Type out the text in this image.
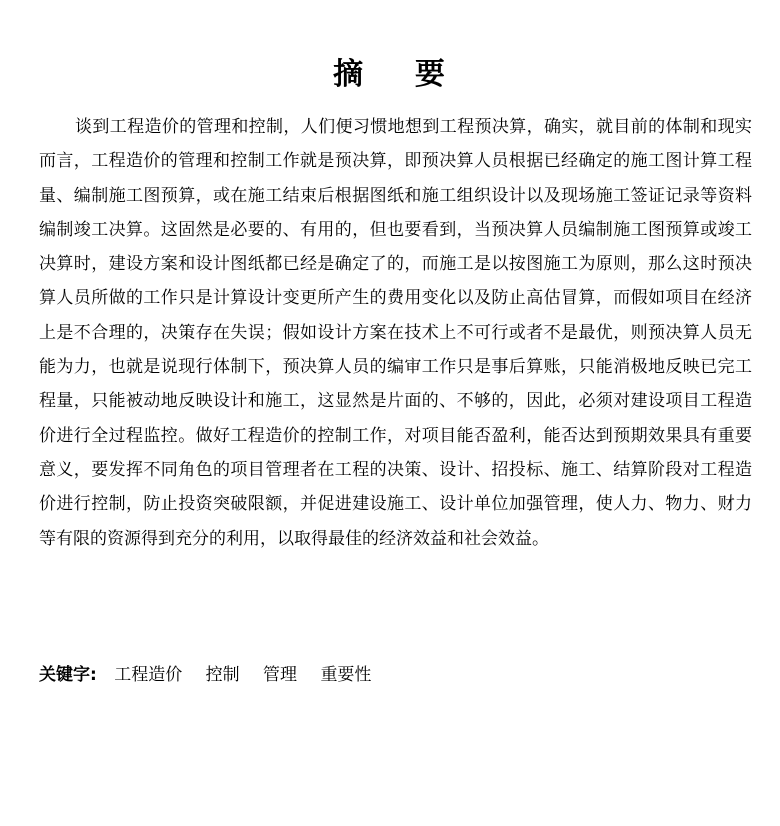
摘    要

谈到工程造价的管理和控制，人们便习惯地想到工程预决算，确实，就目前的体制和现实而言，工程造价的管理和控制工作就是预决算，即预决算人员根据已经确定的施工图计算工程量、编制施工图预算，或在施工结束后根据图纸和施工组织设计以及现场施工签证记录等资料编制竣工决算。这固然是必要的、有用的，但也要看到，当预决算人员编制施工图预算或竣工决算时，建设方案和设计图纸都已经是确定了的，而施工是以按图施工为原则，那么这时预决算人员所做的工作只是计算设计变更所产生的费用变化以及防止高估冒算，而假如项目在经济上是不合理的，决策存在失误；假如设计方案在技术上不可行或者不是最优，则预决算人员无能为力，也就是说现行体制下，预决算人员的编审工作只是事后算账，只能消极地反映已完工程量，只能被动地反映设计和施工，这显然是片面的、不够的，因此，必须对建设项目工程造价进行全过程监控。做好工程造价的控制工作，对项目能否盈利，能否达到预期效果具有重要意义，要发挥不同角色的项目管理者在工程的决策、设计、招投标、施工、结算阶段对工程造价进行控制，防止投资突破限额，并促进建设施工、设计单位加强管理，使人力、物力、财力等有限的资源得到充分的利用，以取得最佳的经济效益和社会效益。

关键字: 工程造价 控制 管理 重要性
